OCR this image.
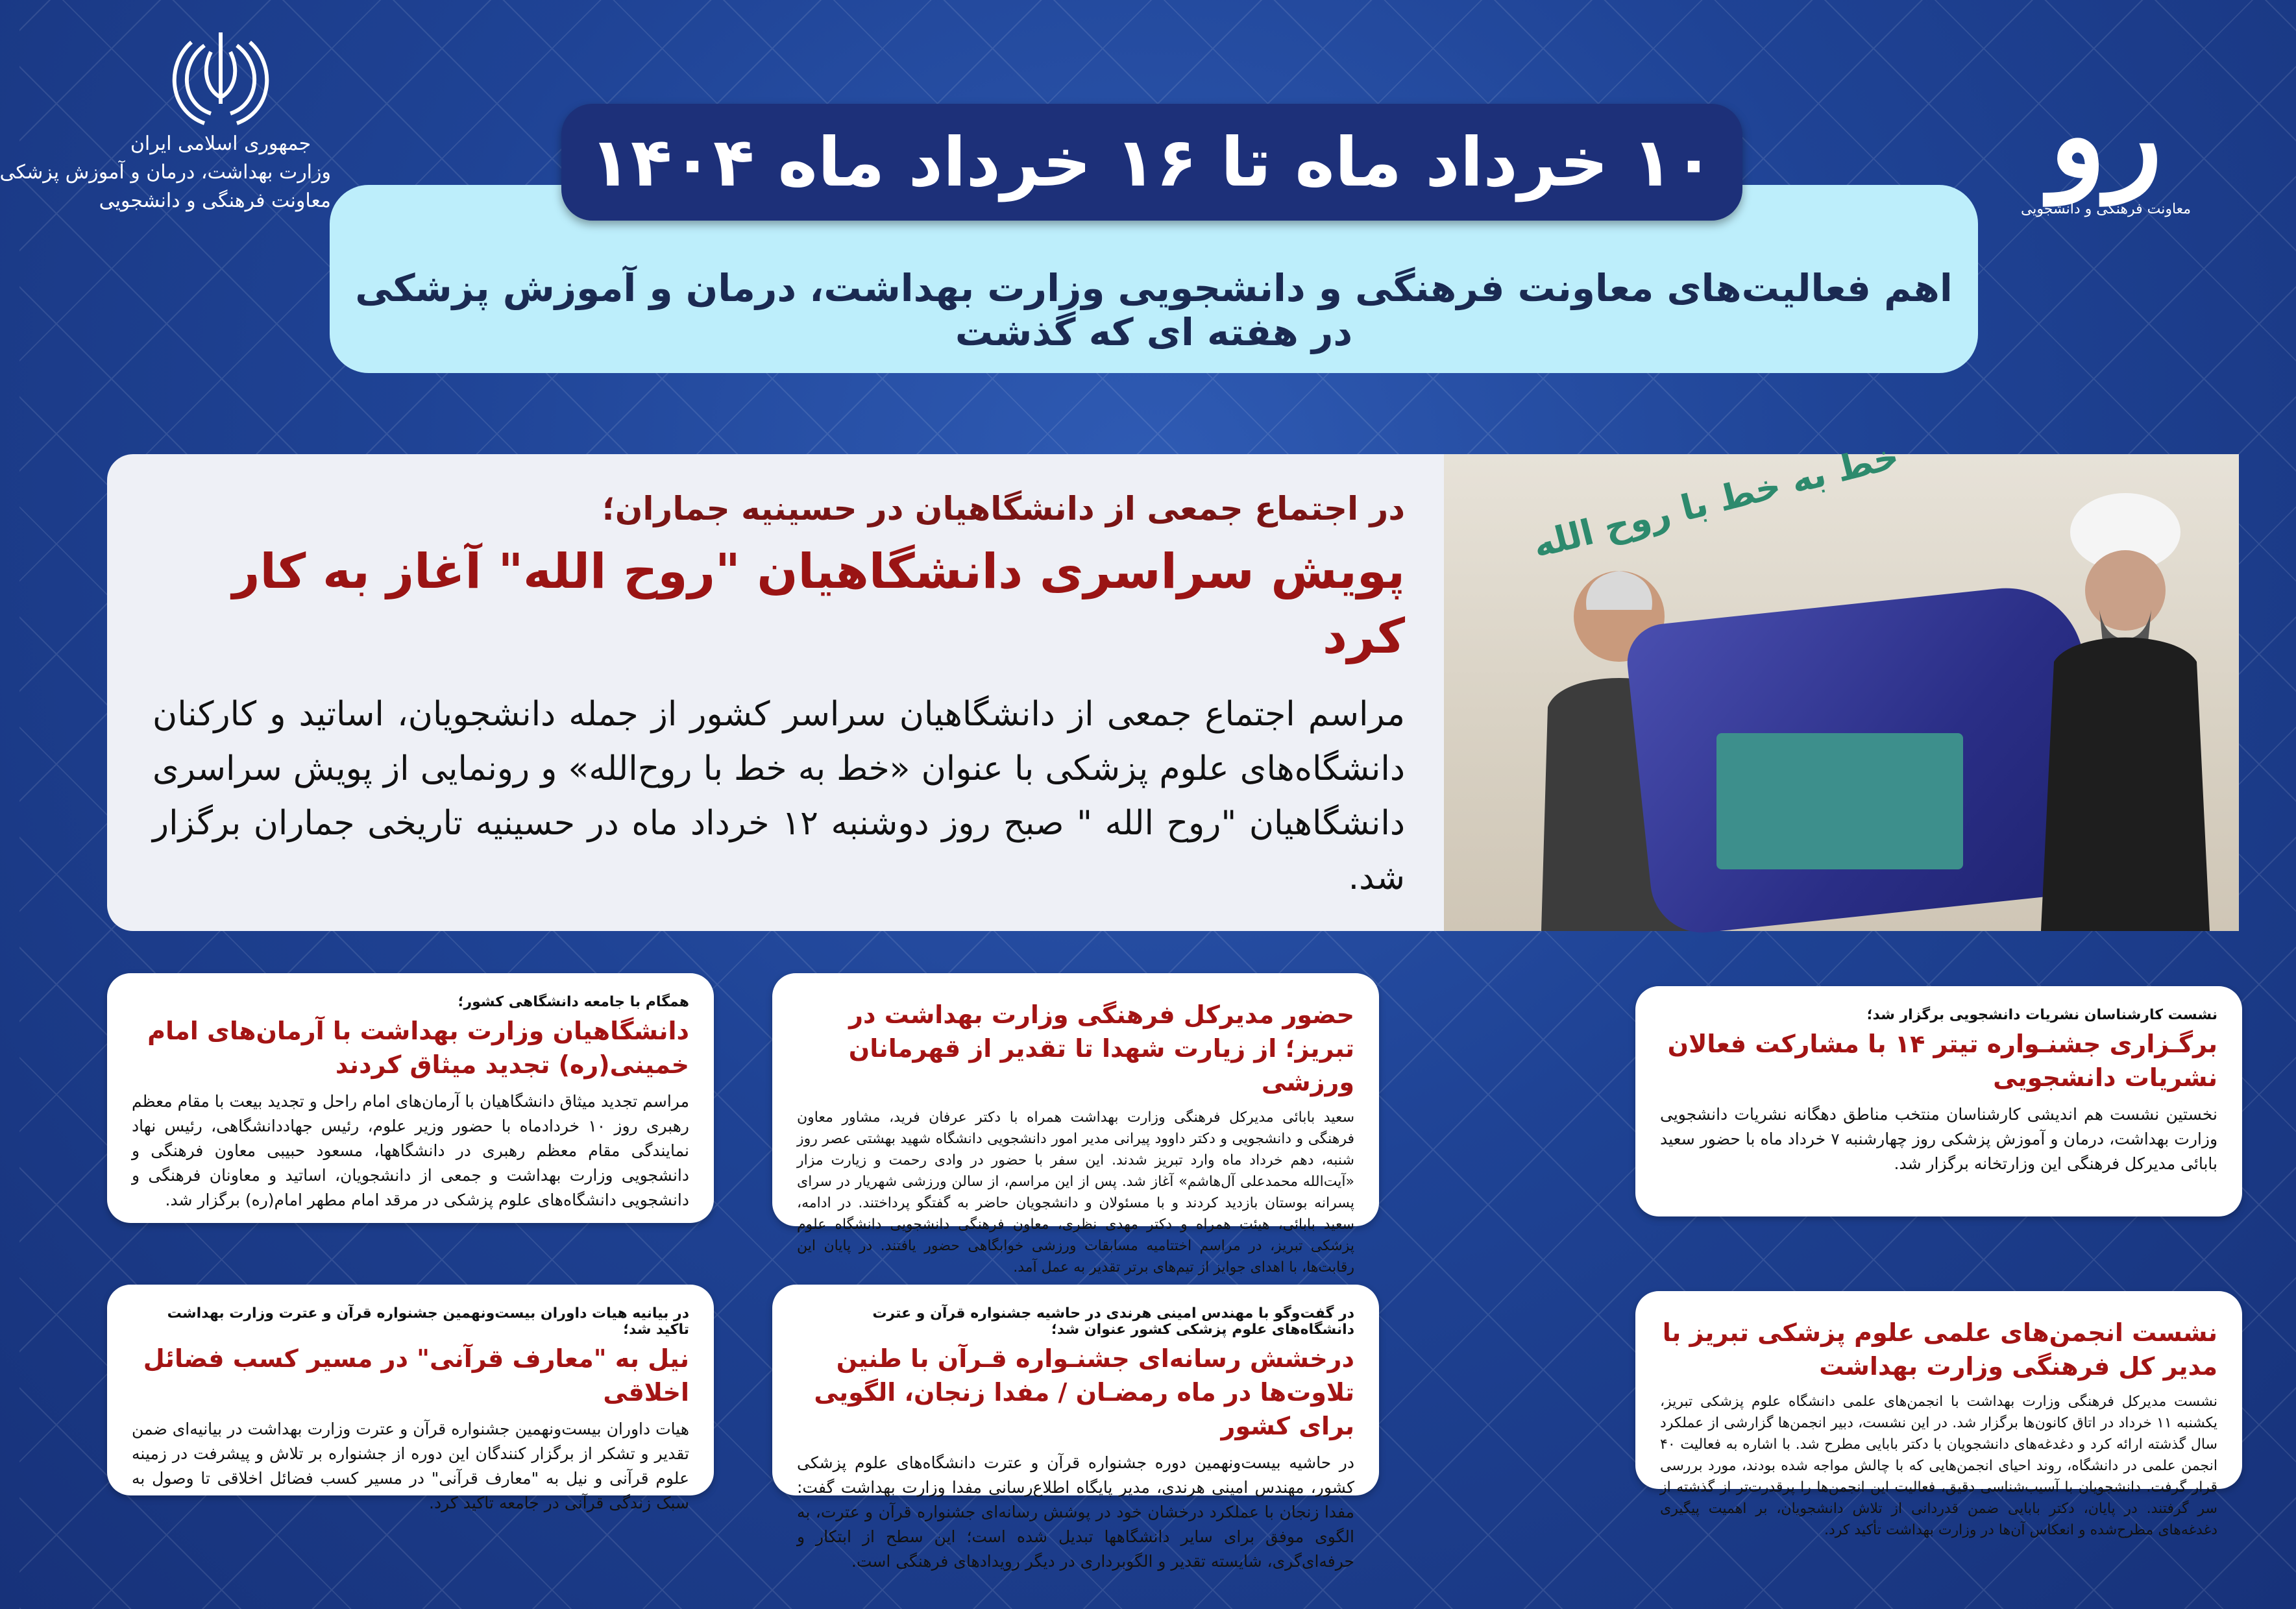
جمهوری اسلامی ایران
وزارت بهداشت، درمان و آموزش پزشکی
معاونت فرهنگی و دانشجویی	رو
معاونت فرهنگی و دانشجویی
۱۰ خرداد ماه تا ۱۶ خرداد ماه ۱۴۰۴
اهم فعالیت‌های معاونت فرهنگی و دانشجویی وزارت بهداشت، درمان و آموزش پزشکی در هفته ای که گذشت
در اجتماع جمعی از دانشگاهیان در حسینیه جماران؛
پویش سراسری دانشگاهیان "روح الله" آغاز به کار کرد
مراسم اجتماع جمعی از دانشگاهیان سراسر کشور از جمله دانشجویان، اساتید و کارکنان دانشگاه‌های علوم پزشکی با عنوان «خط به خط با روح‌الله» و رونمایی از پویش سراسری دانشگاهیان "روح الله " صبح روز دوشنبه ۱۲ خرداد ماه در حسینیه تاریخی جماران برگزار شد.
خط به خط با روح الله
نشست کارشناسان نشریات دانشجویی برگزار شد؛
برگـزاری جشنـواره تیتر ۱۴ با مشارکت فعالان نشریات دانشجویی
نخستین نشست هم اندیشی کارشناسان منتخب مناطق دهگانه نشریات دانشجویی وزارت بهداشت، درمان و آموزش پزشکی روز چهارشنبه ۷ خرداد ماه با حضور سعید بابائی مدیرکل فرهنگی این وزارتخانه برگزار شد.
حضور مدیرکل فرهنگی وزارت بهداشت در تبریز؛ از زیارت شهدا تا تقدیر از قهرمانان ورزشی
سعید بابائی مدیرکل فرهنگی وزارت بهداشت همراه با دکتر عرفان فرید، مشاور معاون فرهنگی و دانشجویی و دکتر داوود پیرانی مدیر امور دانشجویی دانشگاه شهید بهشتی عصر روز شنبه، دهم خرداد ماه وارد تبریز شدند. این سفر با حضور در وادی رحمت و زیارت مزار «آیت‌الله محمدعلی آل‌هاشم» آغاز شد. پس از این مراسم، از سالن ورزشی شهریار در سرای پسرانه بوستان بازدید کردند و با مسئولان و دانشجویان حاضر به گفتگو پرداختند. در ادامه، سعید بابائی، هیئت همراه و دکتر مهدی نظری، معاون فرهنگی دانشجویی دانشگاه علوم پزشکی تبریز، در مراسم اختتامیه مسابقات ورزشی خوابگاهی حضور یافتند. در پایان این رقابت‌ها، با اهدای جوایز از تیم‌های برتر تقدیر به عمل آمد.
همگام با جامعه دانشگاهی کشور؛
دانشگاهیان وزارت بهداشت با آرمان‌های امام خمینی(ره) تجدید میثاق کردند
مراسم تجدید میثاق دانشگاهیان با آرمان‌های امام راحل و تجدید بیعت با مقام معظم رهبری روز ۱۰ خردادماه با حضور وزیر علوم، رئیس جهاددانشگاهی، رئیس نهاد نمایندگی مقام معظم رهبری در دانشگاهها، مسعود حبیبی معاون فرهنگی و دانشجویی وزارت بهداشت و جمعی از دانشجویان، اساتید و معاونان فرهنگی و دانشجویی دانشگاه‌های علوم پزشکی در مرقد امام مطهر امام(ره) برگزار شد.
نشست انجمن‌های علمی علوم پزشکی تبریز با مدیر کل فرهنگی وزارت بهداشت
نشست مدیرکل فرهنگی وزارت بهداشت با انجمن‌های علمی دانشگاه علوم پزشکی تبریز، یکشنبه ۱۱ خرداد در اتاق کانون‌ها برگزار شد. در این نشست، دبیر انجمن‌ها گزارشی از عملکرد سال گذشته ارائه کرد و دغدغه‌های دانشجویان با دکتر بابایی مطرح شد. با اشاره به فعالیت ۴۰ انجمن علمی در دانشگاه، روند احیای انجمن‌هایی که با چالش مواجه شده بودند، مورد بررسی قرار گرفت. دانشجویان با آسیب‌شناسی دقیق، فعالیت این انجمن‌ها را پرقدرت‌تر از گذشته از سر گرفتند. در پایان، دکتر بابایی ضمن قدردانی از تلاش دانشجویان، بر اهمیت پیگیری دغدغه‌های مطرح‌شده و انعکاس آن‌ها در وزارت بهداشت تأکید کرد.
در گفت‌وگو با مهندس امینی هرندی در حاشیه جشنواره قرآن و عترت دانشگاه‌های علوم پزشکی کشور عنوان شد؛
درخشش رسانه‌ای جشنـواره قـرآن با طنین تلاوت‌ها در ماه رمضـان / مفدا زنجان، الگویی برای کشور
در حاشیه بیست‌ونهمین دوره جشنواره قرآن و عترت دانشگاه‌های علوم پزشکی کشور، مهندس امینی هرندی، مدیر پایگاه اطلاع‌رسانی مفدا وزارت بهداشت گفت: مفدا زنجان با عملکرد درخشان خود در پوشش رسانه‌ای جشنواره قرآن و عترت، به الگوی موفق برای سایر دانشگاهها تبدیل شده است؛ این سطح از ابتکار و حرفه‌ای‌گری، شایسته تقدیر و الگوبرداری در دیگر رویدادهای فرهنگی است.
در بیانیه هیات داوران بیست‌ونهمین جشنواره قرآن و عترت وزارت بهداشت تاکید شد؛
نیل به "معارف قرآنی" در مسیر کسب فضائل اخلاقی
هیات داوران بیست‌ونهمین جشنواره قرآن و عترت وزارت بهداشت در بیانیه‌ای ضمن تقدیر و تشکر از برگزار کنندگان این دوره از جشنواره بر تلاش و پیشرفت در زمینه علوم قرآنی و نیل به "معارف قرآنی" در مسیر کسب فضائل اخلاقی تا وصول به سبک زندگی قرآنی در جامعه تاکید کرد.
